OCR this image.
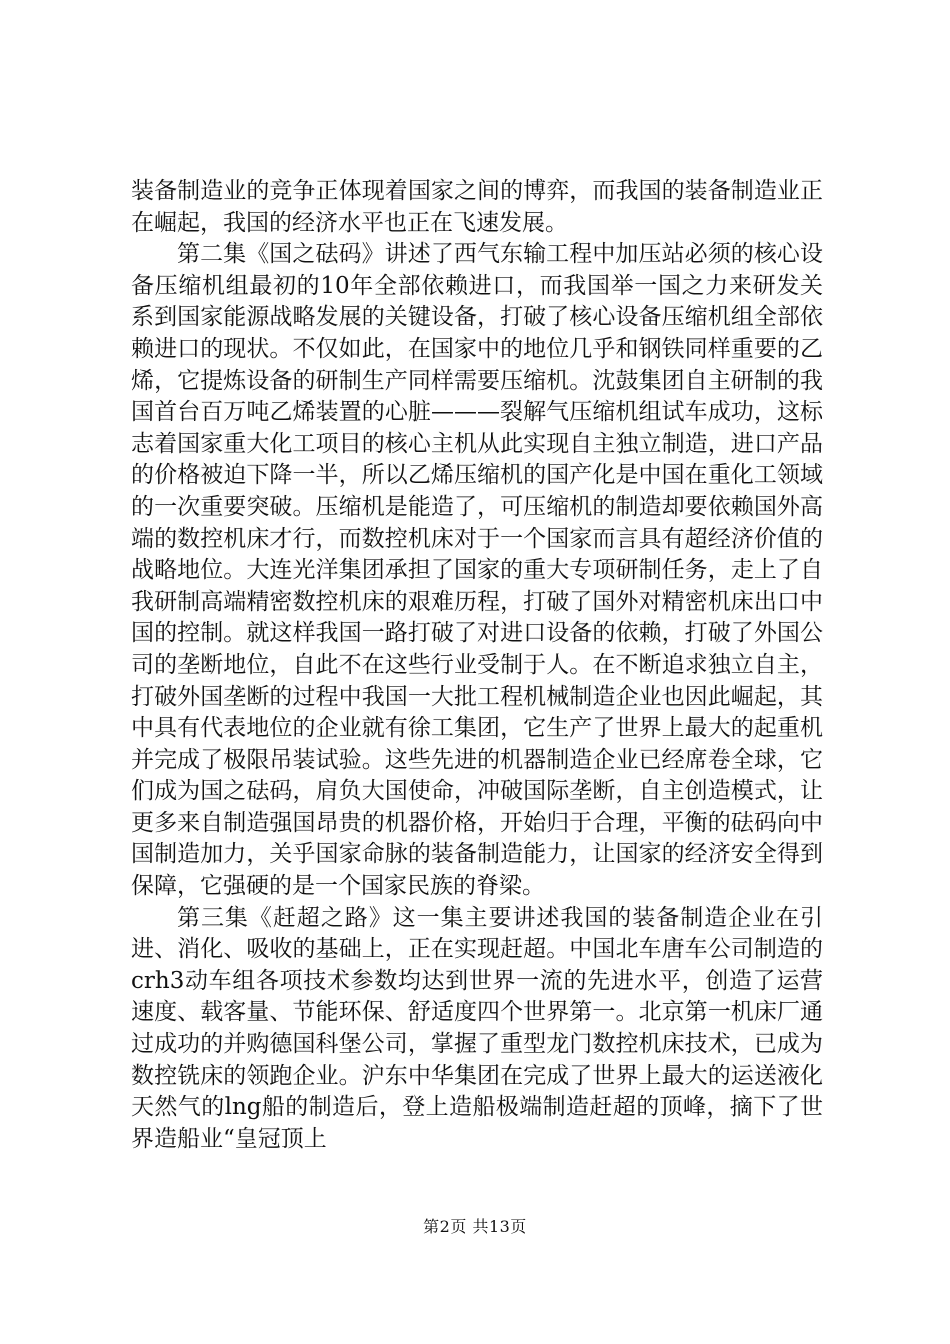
装备制造业的竞争正体现着国家之间的博弈，而我国的装备制造业正在崛起，我国的经济水平也正在飞速发展。

第二集《国之砝码》讲述了西气东输工程中加压站必须的核心设备压缩机组最初的10年全部依赖进口，而我国举一国之力来研发关系到国家能源战略发展的关键设备，打破了核心设备压缩机组全部依赖进口的现状。不仅如此，在国家中的地位几乎和钢铁同样重要的乙烯，它提炼设备的研制生产同样需要压缩机。沈鼓集团自主研制的我国首台百万吨乙烯装置的心脏———裂解气压缩机组试车成功，这标志着国家重大化工项目的核心主机从此实现自主独立制造，进口产品的价格被迫下降一半，所以乙烯压缩机的国产化是中国在重化工领域的一次重要突破。压缩机是能造了，可压缩机的制造却要依赖国外高端的数控机床才行，而数控机床对于一个国家而言具有超经济价值的战略地位。大连光洋集团承担了国家的重大专项研制任务，走上了自我研制高端精密数控机床的艰难历程，打破了国外对精密机床出口中国的控制。就这样我国一路打破了对进口设备的依赖，打破了外国公司的垄断地位，自此不在这些行业受制于人。在不断追求独立自主，打破外国垄断的过程中我国一大批工程机械制造企业也因此崛起，其中具有代表地位的企业就有徐工集团，它生产了世界上最大的起重机并完成了极限吊装试验。这些先进的机器制造企业已经席卷全球，它们成为国之砝码，肩负大国使命，冲破国际垄断，自主创造模式，让更多来自制造强国昂贵的机器价格，开始归于合理，平衡的砝码向中国制造加力，关乎国家命脉的装备制造能力，让国家的经济安全得到保障，它强硬的是一个国家民族的脊梁。

第三集《赶超之路》这一集主要讲述我国的装备制造企业在引进、消化、吸收的基础上，正在实现赶超。中国北车唐车公司制造的crh3动车组各项技术参数均达到世界一流的先进水平，创造了运营速度、载客量、节能环保、舒适度四个世界第一。北京第一机床厂通过成功的并购德国科堡公司，掌握了重型龙门数控机床技术，已成为数控铣床的领跑企业。沪东中华集团在完成了世界上最大的运送液化天然气的lng船的制造后，登上造船极端制造赶超的顶峰，摘下了世界造船业“皇冠顶上

第2页 共13页
